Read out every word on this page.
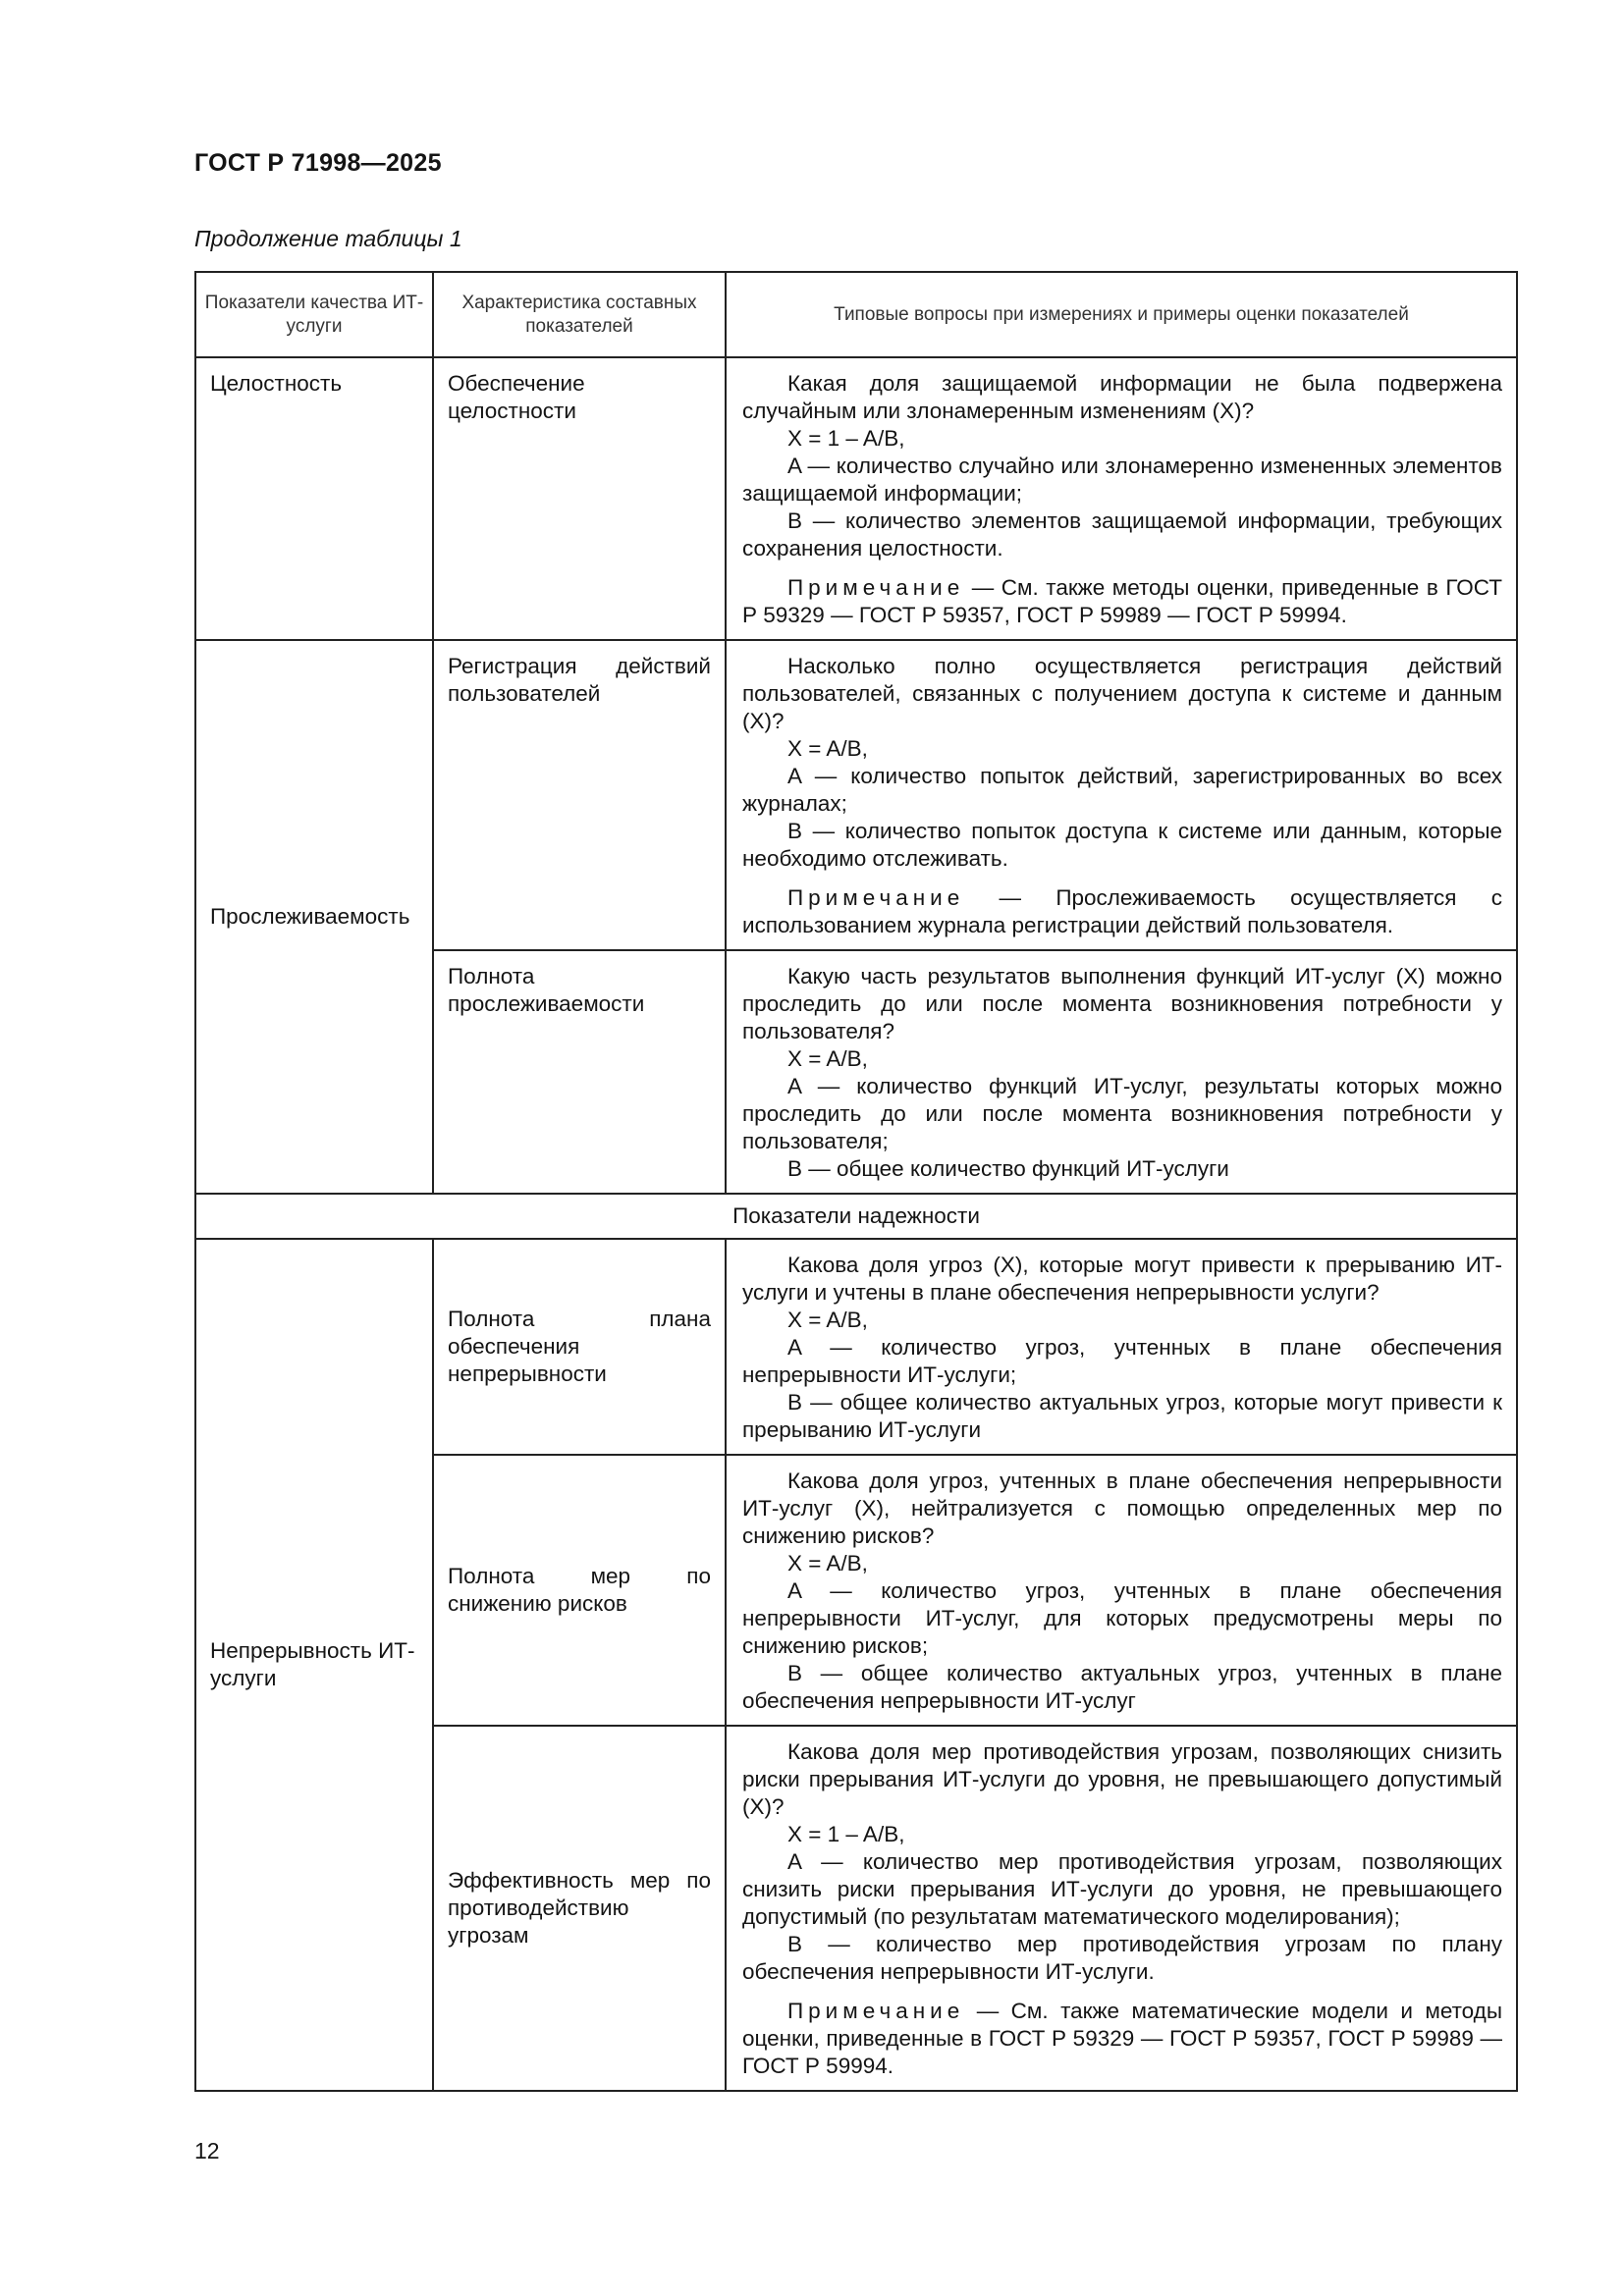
ГОСТ Р 71998—2025
Продолжение таблицы 1
Показатели качества ИТ-услуги	Характеристика составных показателей	Типовые вопросы при измерениях и примеры оценки показателей
Целостность	Обеспечение целостности	Какая доля защищаемой информации не была подвержена случайным или злонамеренным изменениям (X)?

X = 1 – A/B,

A — количество случайно или злонамеренно измененных элементов защищаемой информации;

B — количество элементов защищаемой информации, требующих сохранения целостности.

Примечание — См. также методы оценки, приведенные в ГОСТ Р 59329 — ГОСТ Р 59357, ГОСТ Р 59989 — ГОСТ Р 59994.

Прослеживаемость	Регистрация действий пользователей	Насколько полно осуществляется регистрация действий пользователей, связанных с получением доступа к системе и данным (X)?

X = A/B,

A — количество попыток действий, зарегистрированных во всех журналах;

B — количество попыток доступа к системе или данным, которые необходимо отслеживать.

Примечание — Прослеживаемость осуществляется с использованием журнала регистрации действий пользователя.

	Полнота прослеживаемости	Какую часть результатов выполнения функций ИТ-услуг (X) можно проследить до или после момента возникновения потребности у пользователя?

X = A/B,

A — количество функций ИТ-услуг, результаты которых можно проследить до или после момента возникновения потребности у пользователя;

B — общее количество функций ИТ-услуги

Показатели надежности		
Непрерывность ИТ-услуги	Полнота плана обеспечения непрерывности	Какова доля угроз (X), которые могут привести к прерыванию ИТ-услуги и учтены в плане обеспечения непрерывности услуги?

X = A/B,

A — количество угроз, учтенных в плане обеспечения непрерывности ИТ-услуги;

B — общее количество актуальных угроз, которые могут привести к прерыванию ИТ-услуги

	Полнота мер по снижению рисков	Какова доля угроз, учтенных в плане обеспечения непрерывности ИТ-услуг (X), нейтрализуется с помощью определенных мер по снижению рисков?

X = A/B,

A — количество угроз, учтенных в плане обеспечения непрерывности ИТ-услуг, для которых предусмотрены меры по снижению рисков;

B — общее количество актуальных угроз, учтенных в плане обеспечения непрерывности ИТ-услуг

	Эффективность мер по противодействию угрозам	Какова доля мер противодействия угрозам, позволяющих снизить риски прерывания ИТ-услуги до уровня, не превышающего допустимый (X)?

X = 1 – A/B,

A — количество мер противодействия угрозам, позволяющих снизить риски прерывания ИТ-услуги до уровня, не превышающего допустимый (по результатам математического моделирования);

B — количество мер противодействия угрозам по плану обеспечения непрерывности ИТ-услуги.

Примечание — См. также математические модели и методы оценки, приведенные в ГОСТ Р 59329 — ГОСТ Р 59357, ГОСТ Р 59989 — ГОСТ Р 59994.

12
